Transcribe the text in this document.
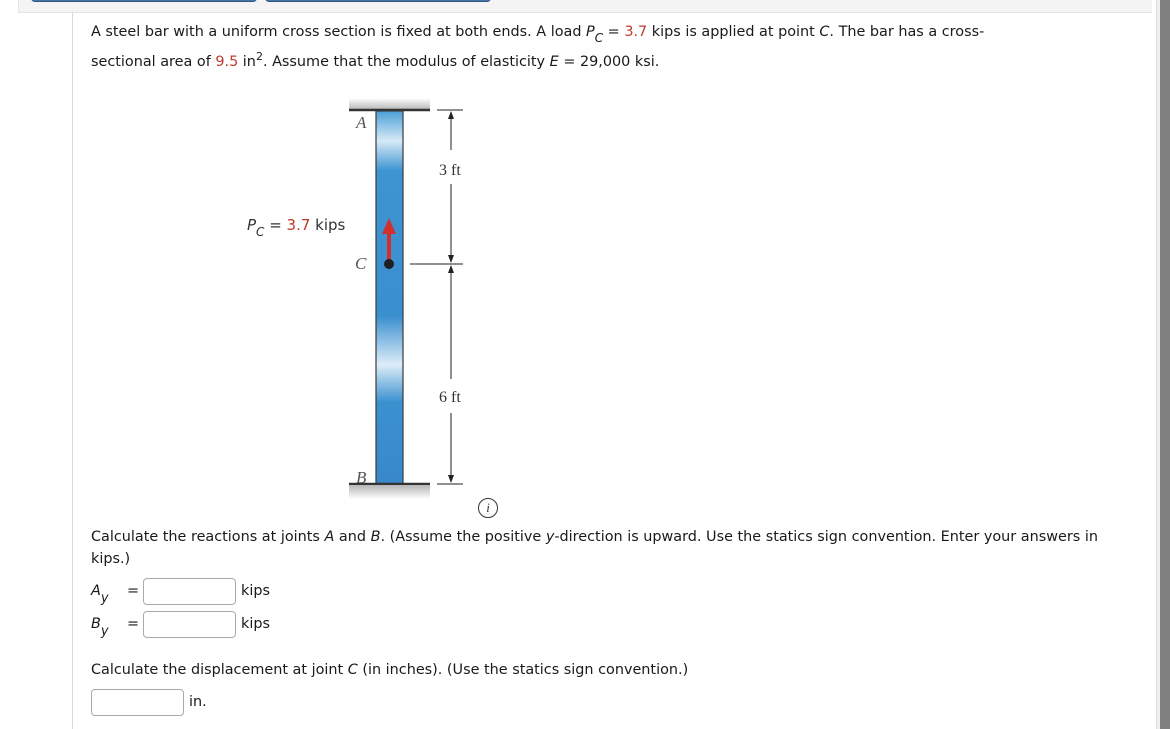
A steel bar with a uniform cross section is fixed at both ends. A load $P_C = 3.7$ kips is applied at point C. The bar has a cross-
sectional area of 9.5 $in^2$. Assume that the modulus of elasticity E = 29,000 ksi.
A
C
B
3 ft
6 ft
$P_C = 3.7$ kips
i
Calculate the reactions at joints A and B. (Assume the positive y-direction is upward. Use the statics sign convention. Enter your answers in kips.)
Ay	=	kips
By	=	kips
Calculate the displacement at joint C (in inches). (Use the statics sign convention.)
in.
